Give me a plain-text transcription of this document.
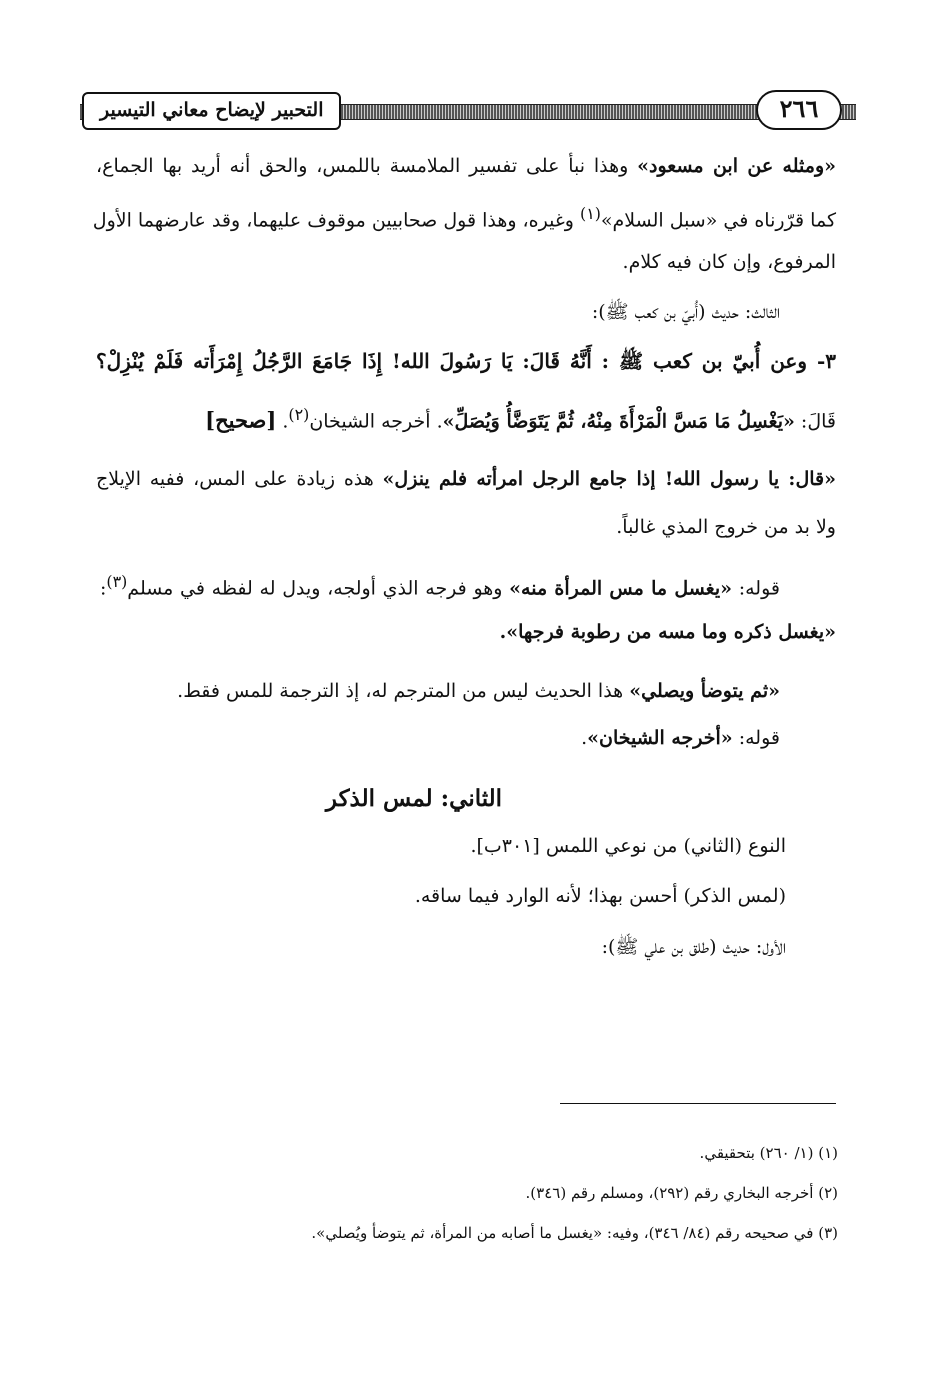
٢٦٦
التحبير لإيضاح معاني التيسير
«ومثله عن ابن مسعود» وهذا نبأ على تفسير الملامسة باللمس، والحق أنه أريد بها الجماع،
كما قرّرناه في «سبل السلام»$^{(١)}$ وغيره، وهذا قول صحابيين موقوف عليهما، وقد عارضهما الأول
المرفوع، وإن كان فيه كلام.
الثالث: حديث (أُبيّ بن كعب ﷺ):
٣- وعن أُبيّ بن كعب ﷺ : أَنَّهُ قَالَ: يَا رَسُولَ الله! إِذَا جَامَعَ الرَّجُلُ إِمْرَأَته فَلَمْ يُنْزِلْ؟
قَالَ: «يَغْسِلُ مَا مَسَّ الْمَرْأَةَ مِنْهُ، ثُمَّ يَتَوَضَّأُ وَيُصَلِّ». أخرجه الشيخان$^{(٢)}$. [صحيح]
«قال: يا رسول الله! إذا جامع الرجل امرأته فلم ينزل» هذه زيادة على المس، ففيه الإيلاج
ولا بد من خروج المذي غالباً.
قوله: «يغسل ما مس المرأة منه» وهو فرجه الذي أولجه، ويدل له لفظه في مسلم$^{(٣)}$:
«يغسل ذكره وما مسه من رطوبة فرجها».
«ثم يتوضأ ويصلي» هذا الحديث ليس من المترجم له، إذ الترجمة للمس فقط.
قوله: «أخرجه الشيخان».
الثاني: لمس الذكر
النوع (الثاني) من نوعي اللمس [٣٠١ب].
(لمس الذكر) أحسن بهذا؛ لأنه الوارد فيما ساقه.
الأول: حديث (طلق بن علي ﷺ):
(١) (١/ ٢٦٠) بتحقيقي.
(٢) أخرجه البخاري رقم (٢٩٢)، ومسلم رقم (٣٤٦).
(٣) في صحيحه رقم (٨٤/ ٣٤٦)، وفيه: «يغسل ما أصابه من المرأة، ثم يتوضأ ويُصلي».
